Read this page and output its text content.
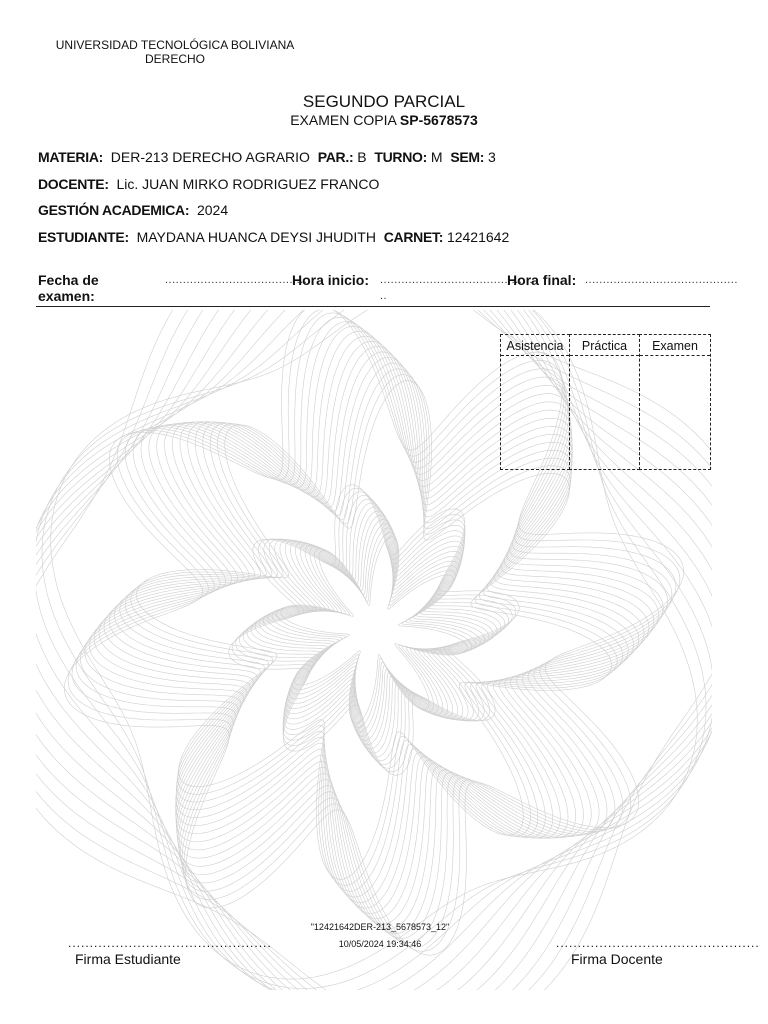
UNIVERSIDAD TECNOLÓGICA BOLIVIANA
DERECHO
SEGUNDO PARCIAL
EXAMEN COPIA SP-5678573
MATERIA: DER-213 DERECHO AGRARIO PAR.: B TURNO: M SEM: 3
DOCENTE: Lic. JUAN MIRKO RODRIGUEZ FRANCO
GESTIÓN ACADEMICA: 2024
ESTUDIANTE: MAYDANA HUANCA DEYSI JHUDITH CARNET: 12421642
Fecha de
examen:
..........................................
Hora inicio: ...........................................
..
Hora final: ...........................................
Asistencia	Práctica	Examen
"12421642DER-213_5678573_12"
10/05/2024 19:34:46
...............................................
Firma Estudiante
...............................................
Firma Docente
